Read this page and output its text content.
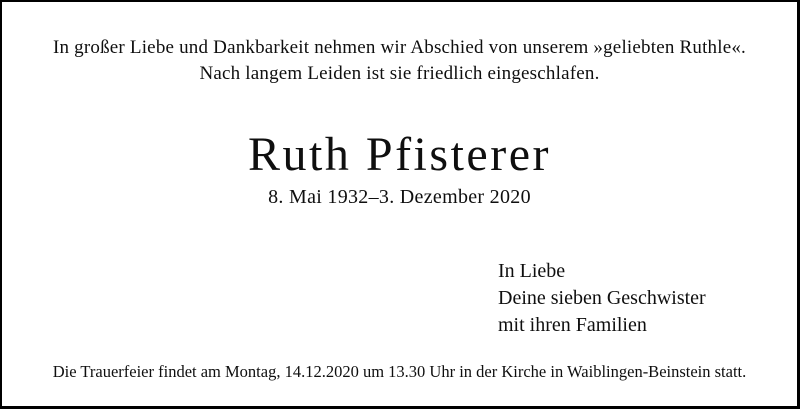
In großer Liebe und Dankbarkeit nehmen wir Abschied von unserem »geliebten Ruthle«.
Nach langem Leiden ist sie friedlich eingeschlafen.
Ruth Pfisterer
8. Mai 1932–3. Dezember 2020
In Liebe
Deine sieben Geschwister
mit ihren Familien
Die Trauerfeier findet am Montag, 14.12.2020 um 13.30 Uhr in der Kirche in Waiblingen-Beinstein statt.
